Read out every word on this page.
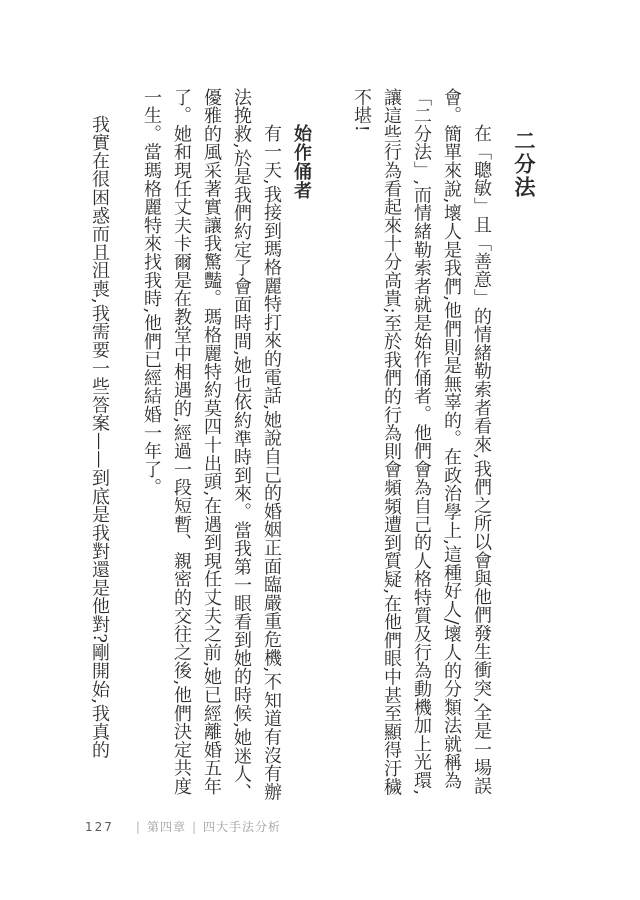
二分法

在「聰敏」且「善意」的情緒勒索者看來,我們之所以會與他們發生衝突,全是一場誤會。簡單來說,壞人是我們,他們則是無辜的。在政治學上,這種好人/壞人的分類法就稱為「二分法」,而情緒勒索者就是始作俑者。他們會為自己的人格特質及行為動機加上光環,讓這些行為看起來十分高貴;至於我們的行為則會頻頻遭到質疑,在他們眼中甚至顯得汙穢不堪!

始作俑者

有一天,我接到瑪格麗特打來的電話,她說自己的婚姻正面臨嚴重危機,不知道有沒有辦法挽救,於是我們約定了會面時間,她也依約準時到來。當我第一眼看到她的時候,她迷人、優雅的風采著實讓我驚豔。瑪格麗特約莫四十出頭,在遇到現任丈夫之前,她已經離婚五年了。她和現任丈夫卡爾是在教堂中相遇的,經過一段短暫、親密的交往之後,他們決定共度一生。當瑪格麗特來找我時,他們已經結婚一年了。

我實在很困惑而且沮喪,我需要一些答案——到底是我對還是他對?剛開始,我真的
127 | 第四章 | 四大手法分析
